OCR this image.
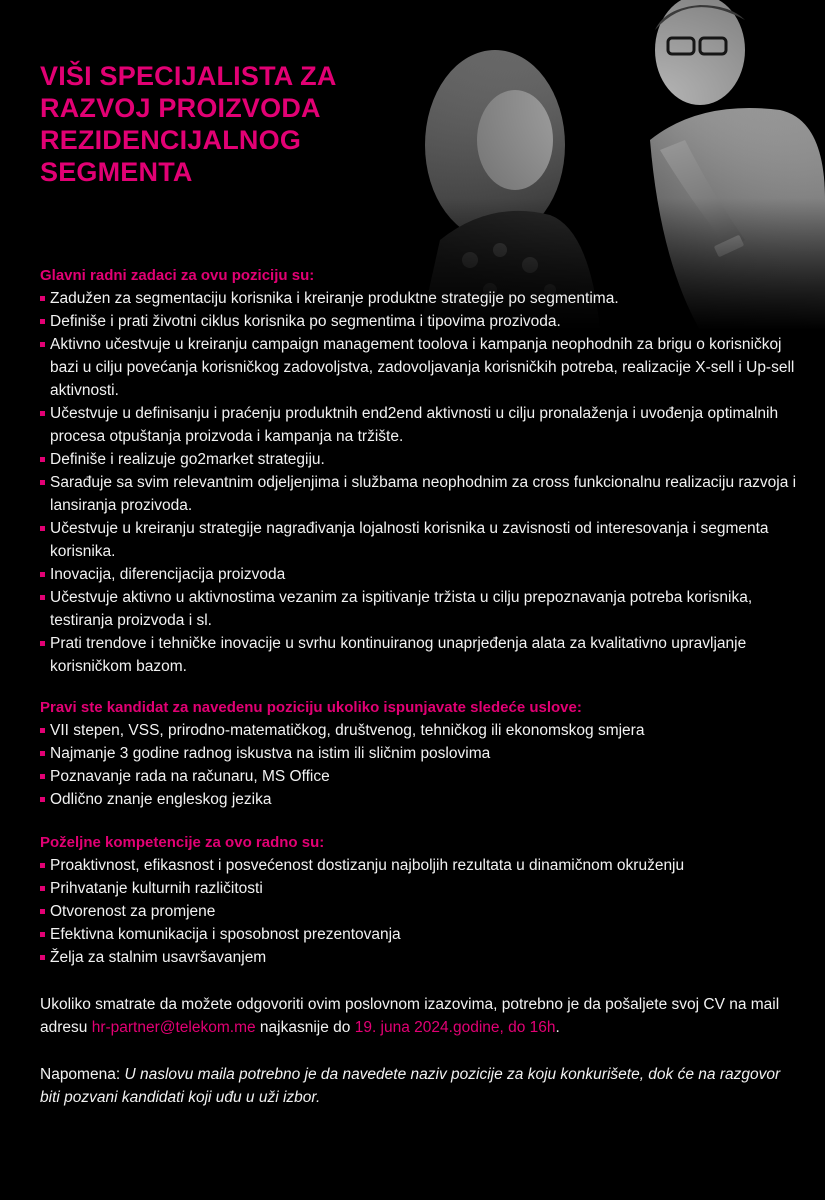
VIŠI SPECIJALISTA ZA RAZVOJ PROIZVODA REZIDENCIJALNOG SEGMENTA
Glavni radni zadaci za ovu poziciju su:
Zadužen za segmentaciju korisnika i kreiranje produktne strategije po segmentima.
Definiše i prati životni ciklus korisnika po segmentima i tipovima prozivoda.
Aktivno učestvuje u kreiranju campaign management toolova i kampanja neophodnih za brigu o korisničkoj bazi u cilju povećanja korisničkog zadovoljstva, zadovoljavanja korisničkih potreba, realizacije X-sell i Up-sell aktivnosti.
Učestvuje u definisanju i praćenju produktnih end2end aktivnosti u cilju pronalaženja i uvođenja optimalnih procesa otpuštanja proizvoda i kampanja na tržište.
Definiše i realizuje go2market strategiju.
Sarađuje sa svim relevantnim odjeljenjima i službama neophodnim za cross funkcionalnu realizaciju razvoja i lansiranja prozivoda.
Učestvuje u kreiranju strategije nagrađivanja lojalnosti korisnika u zavisnosti od interesovanja i segmenta korisnika.
Inovacija, diferencijacija proizvoda
Učestvuje aktivno u aktivnostima vezanim za ispitivanje tržista u cilju prepoznavanja potreba korisnika, testiranja proizvoda i sl.
Prati trendove i tehničke inovacije u svrhu kontinuiranog unaprjeđenja alata za kvalitativno upravljanje korisničkom bazom.
Pravi ste kandidat za navedenu poziciju ukoliko ispunjavate sledeće uslove:
VII stepen, VSS, prirodno-matematičkog, društvenog, tehničkog ili ekonomskog smjera
Najmanje 3 godine radnog iskustva na istim ili sličnim poslovima
Poznavanje rada na računaru, MS Office
Odlično znanje engleskog jezika
Poželjne kompetencije za ovo radno su:
Proaktivnost, efikasnost i posvećenost dostizanju najboljih rezultata u dinamičnom okruženju
Prihvatanje kulturnih različitosti
Otvorenost za promjene
Efektivna komunikacija i sposobnost prezentovanja
Želja za stalnim usavršavanjem

Ukoliko smatrate da možete odgovoriti ovim poslovnom izazovima, potrebno je da pošaljete svoj CV na mail adresu hr-partner@telekom.me najkasnije do 19. juna 2024.godine, do 16h.

Napomena: U naslovu maila potrebno je da navedete naziv pozicije za koju konkurišete, dok će na razgovor biti pozvani kandidati koji uđu u uži izbor.
